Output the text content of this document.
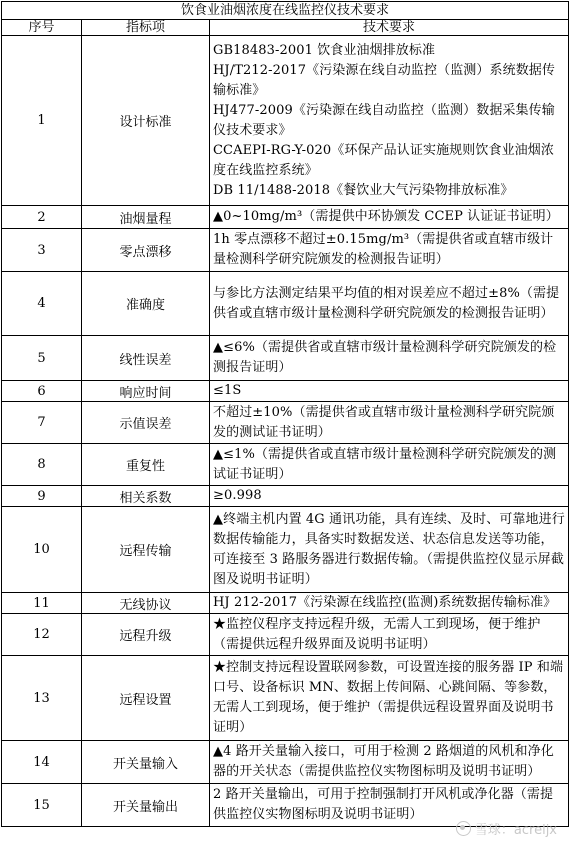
饮食业油烟浓度在线监控仪技术要求		
序号	指标项	技术要求
1	设计标准	GB18483-2001 饮食业油烟排放标准
HJ/T212-2017《污染源在线自动监控（监测）系统数据传输标准》
HJ477-2009《污染源在线自动监控（监测）数据采集传输仪技术要求》
CCAEPI-RG-Y-020《环保产品认证实施规则饮食业油烟浓度在线监控系统》
DB 11/1488-2018《餐饮业大气污染物排放标准》

2	油烟量程	▲0~10mg/m³（需提供中环协颁发 CCEP 认证证书证明）

3	零点漂移	1h 零点漂移不超过±0.15mg/m³（需提供省或直辖市级计量检测科学研究院颁发的检测报告证明）

4	准确度	与参比方法测定结果平均值的相对误差应不超过±8%（需提供省或直辖市级计量检测科学研究院颁发的检测报告证明）

5	线性误差	▲≤6%（需提供省或直辖市级计量检测科学研究院颁发的检测报告证明）

6	响应时间	≤1S

7	示值误差	不超过±10%（需提供省或直辖市级计量检测科学研究院颁发的测试证书证明）

8	重复性	▲≤1%（需提供省或直辖市级计量检测科学研究院颁发的测试证书证明）

9	相关系数	≥0.998

10	远程传输	▲终端主机内置 4G 通讯功能，具有连续、及时、可靠地进行数据传输能力，具备实时数据发送、状态信息发送等功能，可连接至 3 路服务器进行数据传输。（需提供监控仪显示屏截图及说明书证明）

11	无线协议	HJ 212-2017《污染源在线监控(监测)系统数据传输标准》

12	远程升级	★监控仪程序支持远程升级，无需人工到现场，便于维护（需提供远程升级界面及说明书证明）

13	远程设置	★控制支持远程设置联网参数，可设置连接的服务器 IP 和端口号、设备标识 MN、数据上传间隔、心跳间隔、等参数，无需人工到现场，便于维护（需提供远程设置界面及说明书证明）

14	开关量输入	▲4 路开关量输入接口，可用于检测 2 路烟道的风机和净化器的开关状态（需提供监控仪实物图标明及说明书证明）

15	开关量输出	2 路开关量输出，可用于控制强制打开风机或净化器（需提供监控仪实物图标明及说明书证明）
雪球：acreljx
